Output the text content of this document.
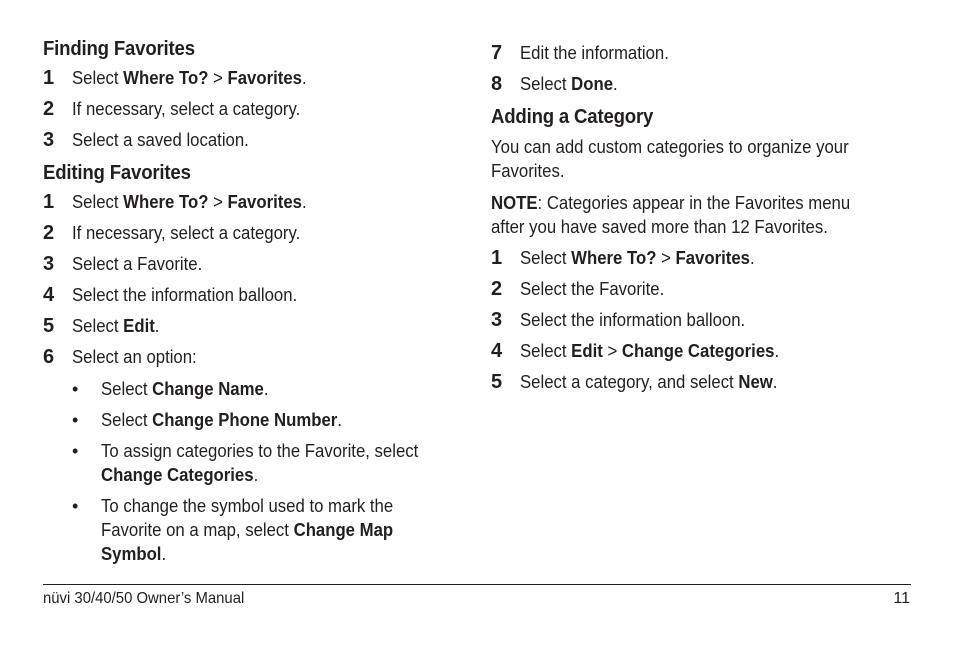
Finding Favorites
1 Select Where To? > Favorites.
2 If necessary, select a category.
3 Select a saved location.
Editing Favorites
1 Select Where To? > Favorites.
2 If necessary, select a category.
3 Select a Favorite.
4 Select the information balloon.
5 Select Edit.
6 Select an option:
•	Select Change Name.
•	Select Change Phone Number.
•	To assign categories to the Favorite, select Change Categories.
•	To change the symbol used to mark the Favorite on a map, select Change Map Symbol.
7 Edit the information.
8 Select Done.
Adding a Category

You can add custom categories to organize your Favorites.

NOTE: Categories appear in the Favorites menu after you have saved more than 12 Favorites.

1 Select Where To? > Favorites.
2 Select the Favorite.
3 Select the information balloon.
4 Select Edit > Change Categories.
5 Select a category, and select New.
nüvi 30/40/50 Owner’s Manual	11
